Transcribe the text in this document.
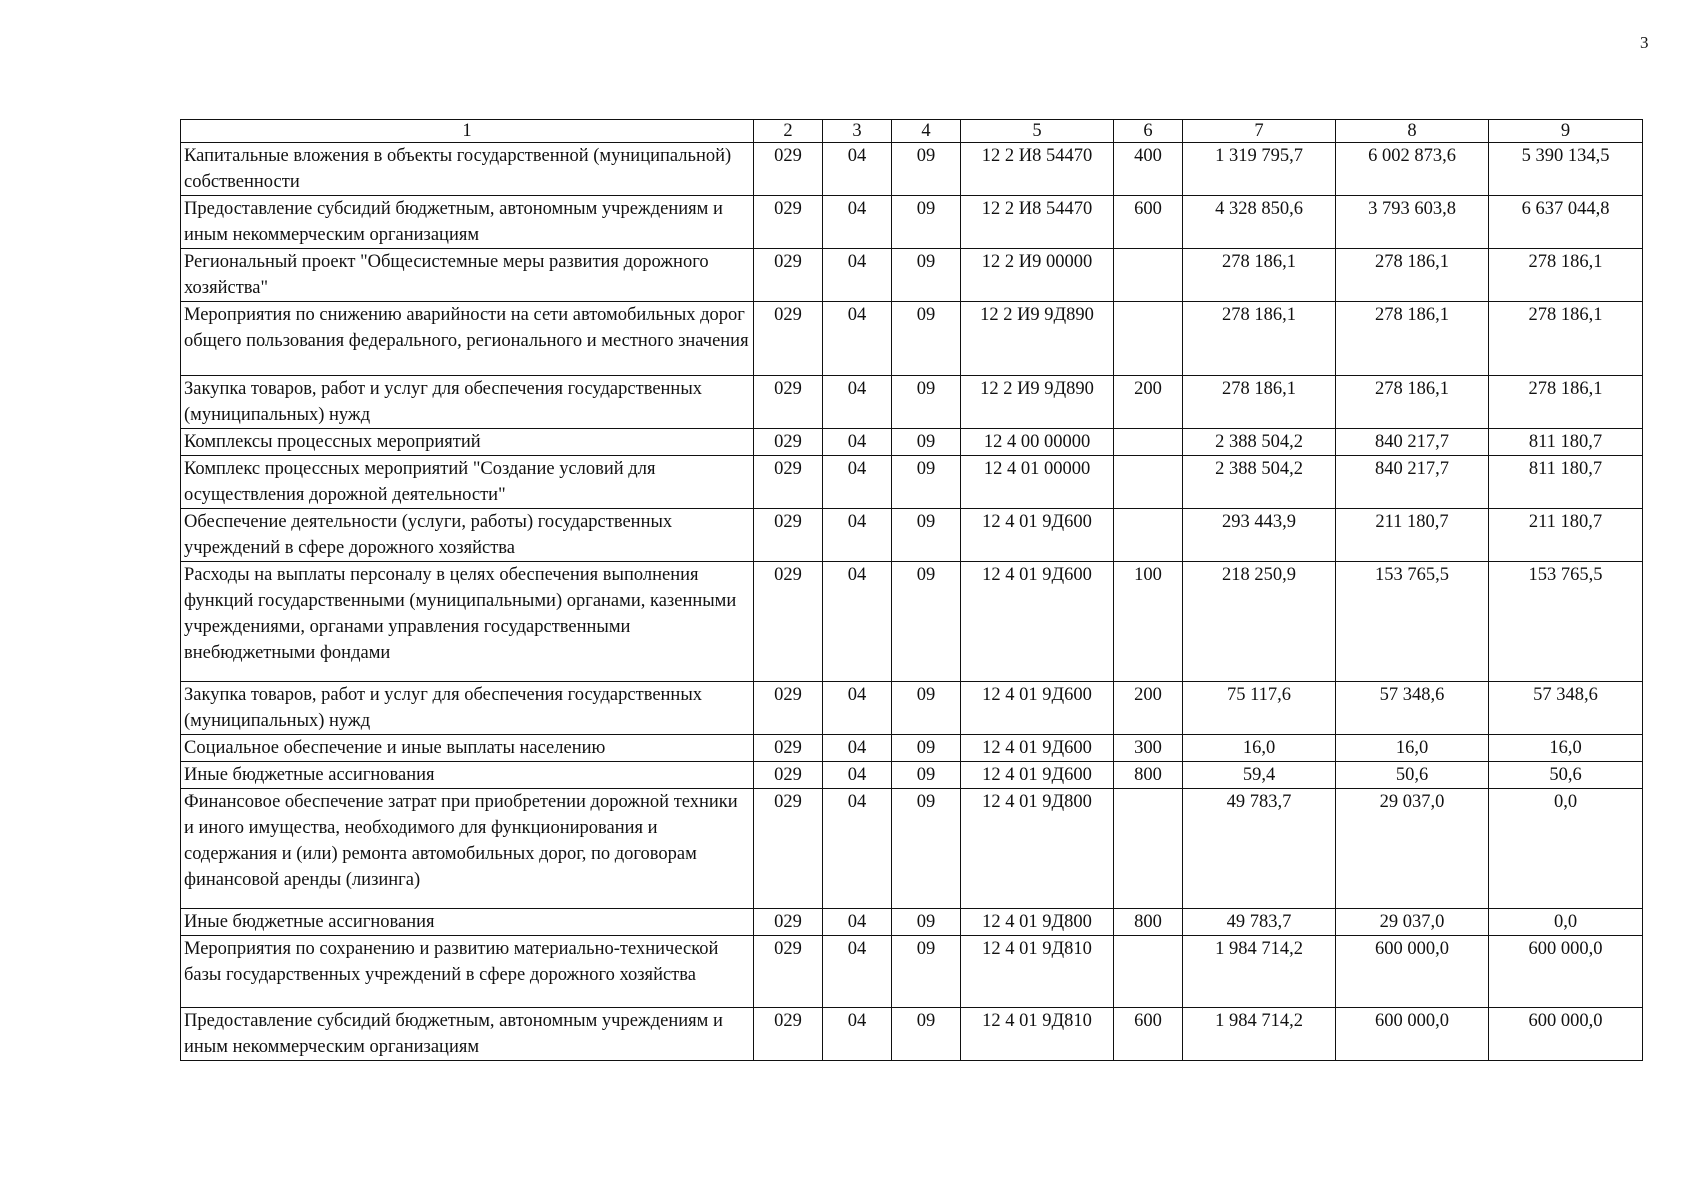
3
1	2	3	4	5	6	7	8	9
Капитальные вложения в объекты государственной (муниципальной) собственности	029	04	09	12 2 И8 54470	400	1 319 795,7	6 002 873,6	5 390 134,5
Предоставление субсидий бюджетным, автономным учреждениям и иным некоммерческим организациям	029	04	09	12 2 И8 54470	600	4 328 850,6	3 793 603,8	6 637 044,8
Региональный проект "Общесистемные меры развития дорожного хозяйства"	029	04	09	12 2 И9 00000		278 186,1	278 186,1	278 186,1
Мероприятия по снижению аварийности на сети автомобильных дорог общего пользования федерального, регионального и местного значения	029	04	09	12 2 И9 9Д890		278 186,1	278 186,1	278 186,1
Закупка товаров, работ и услуг для обеспечения государственных (муниципальных) нужд	029	04	09	12 2 И9 9Д890	200	278 186,1	278 186,1	278 186,1
Комплексы процессных мероприятий	029	04	09	12 4 00 00000		2 388 504,2	840 217,7	811 180,7
Комплекс процессных мероприятий "Создание условий для осуществления дорожной деятельности"	029	04	09	12 4 01 00000		2 388 504,2	840 217,7	811 180,7
Обеспечение деятельности (услуги, работы) государственных учреждений в сфере дорожного хозяйства	029	04	09	12 4 01 9Д600		293 443,9	211 180,7	211 180,7
Расходы на выплаты персоналу в целях обеспечения выполнения функций государственными (муниципальными) органами, казенными учреждениями, органами управления государственными внебюджетными фондами	029	04	09	12 4 01 9Д600	100	218 250,9	153 765,5	153 765,5
Закупка товаров, работ и услуг для обеспечения государственных (муниципальных) нужд	029	04	09	12 4 01 9Д600	200	75 117,6	57 348,6	57 348,6
Социальное обеспечение и иные выплаты населению	029	04	09	12 4 01 9Д600	300	16,0	16,0	16,0
Иные бюджетные ассигнования	029	04	09	12 4 01 9Д600	800	59,4	50,6	50,6
Финансовое обеспечение затрат при приобретении дорожной техники и иного имущества, необходимого для функционирования и содержания и (или) ремонта автомобильных дорог, по договорам финансовой аренды (лизинга)	029	04	09	12 4 01 9Д800		49 783,7	29 037,0	0,0
Иные бюджетные ассигнования	029	04	09	12 4 01 9Д800	800	49 783,7	29 037,0	0,0
Мероприятия по сохранению и развитию материально-технической базы государственных учреждений в сфере дорожного хозяйства	029	04	09	12 4 01 9Д810		1 984 714,2	600 000,0	600 000,0
Предоставление субсидий бюджетным, автономным учреждениям и иным некоммерческим организациям	029	04	09	12 4 01 9Д810	600	1 984 714,2	600 000,0	600 000,0
